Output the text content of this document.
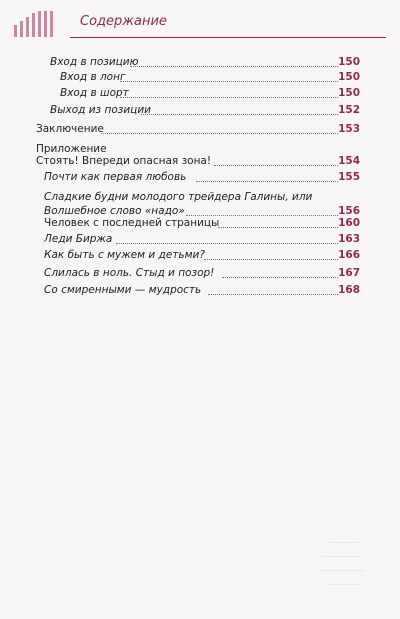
Содержание
Вход в позицию	150
Вход в лонг	150
Вход в шорт	150
Выход из позиции	152
Заключение	153
Приложение
Стоять! Впереди опасная зона!	154
Почти как первая любовь	155
Сладкие будни молодого трейдера Галины, или
Волшебное слово «надо»	156
Человек с последней страницы	160
Леди Биржа	163
Как быть с мужем и детьми?	166
Слилась в ноль. Стыд и позор!	167
Со смиренными — мудрость	168
